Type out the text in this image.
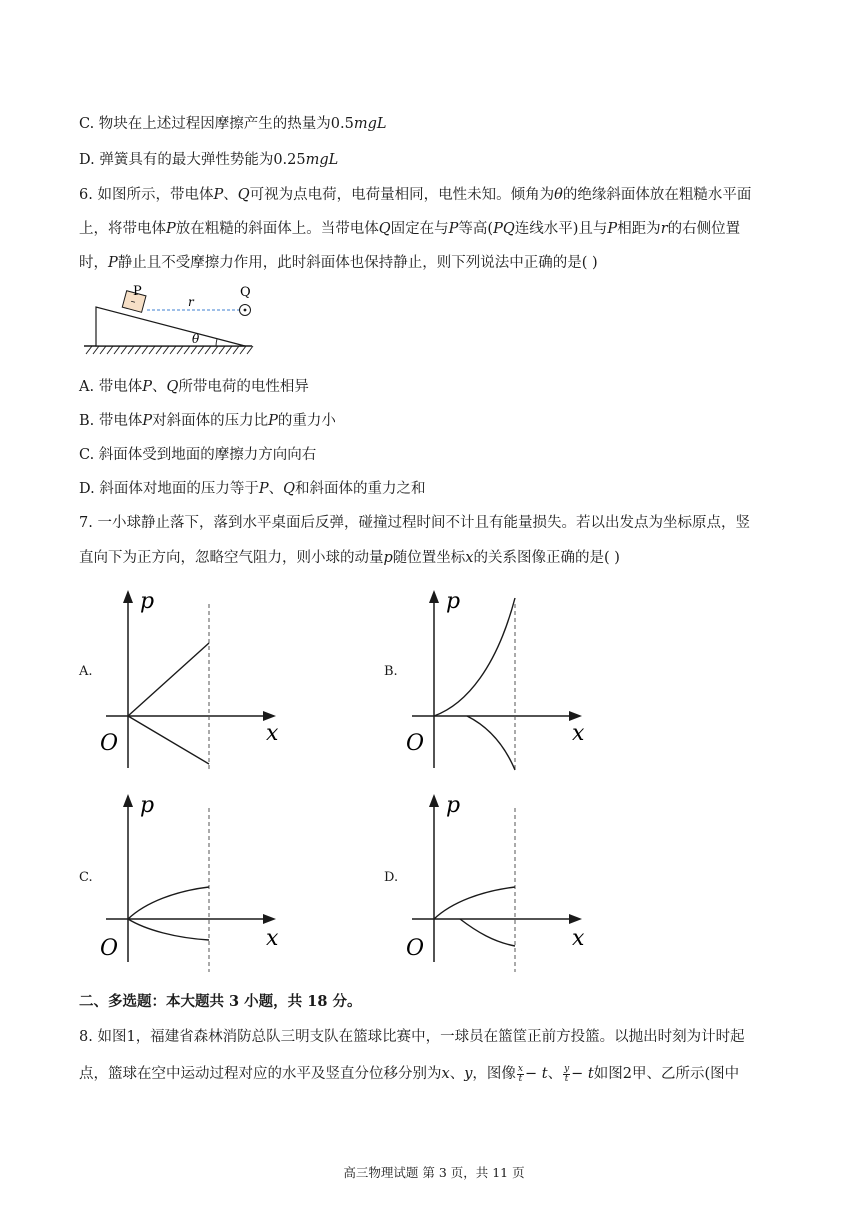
C. 物块在上述过程因摩擦产生的热量为0.5mgL
D. 弹簧具有的最大弹性势能为0.25mgL
6. 如图所示，带电体P、Q可视为点电荷，电荷量相同，电性未知。倾角为θ的绝缘斜面体放在粗糙水平面
上，将带电体P放在粗糙的斜面体上。当带电体Q固定在与P等高(PQ连线水平)且与P相距为r的右侧位置
时，P静止且不受摩擦力作用，此时斜面体也保持静止，则下列说法中正确的是( )
θ
P
r
Q
A. 带电体P、Q所带电荷的电性相异
B. 带电体P对斜面体的压力比P的重力小
C. 斜面体受到地面的摩擦力方向向右
D. 斜面体对地面的压力等于P、Q和斜面体的重力之和
7. 一小球静止落下，落到水平桌面后反弹，碰撞过程时间不计且有能量损失。若以出发点为坐标原点，竖
直向下为正方向，忽略空气阻力，则小球的动量p随位置坐标x的关系图像正确的是( )
A.	B.
C.	D.
p
x
O
p
x
O
p
x
O
p
x
O
二、多选题：本大题共 3 小题，共 18 分。
8. 如图1，福建省森林消防总队三明支队在篮球比赛中，一球员在篮筐正前方投篮。以抛出时刻为计时起
点，篮球在空中运动过程对应的水平及竖直分位移分别为x、y，图像 $\frac{x}{t} - t$、 $\frac{y}{t} - t$如图2甲、乙所示(图中
高三物理试题 第 3 页，共 11 页
